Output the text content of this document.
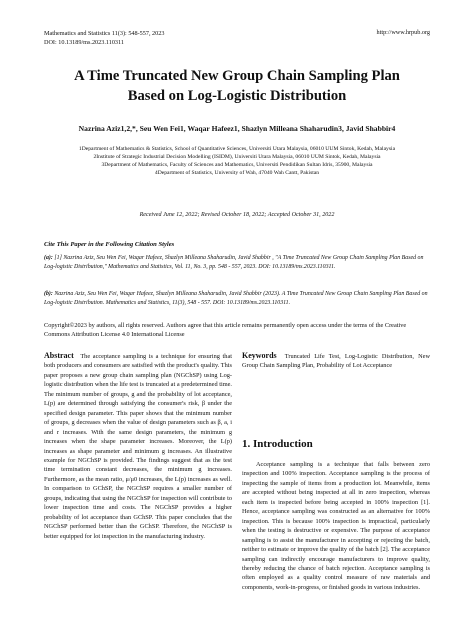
Mathematics and Statistics 11(3): 548-557, 2023
DOI: 10.13189/ms.2023.110311
http://www.hrpub.org
A Time Truncated New Group Chain Sampling Plan
Based on Log-Logistic Distribution
Nazrina Aziz1,2,*, Seu Wen Fei1, Waqar Hafeez1, Shazlyn Milleana Shaharudin3, Javid Shabbir4
1Department of Mathematics & Statistics, School of Quantitative Sciences, Universiti Utara Malaysia, 06010 UUM Sintok, Kedah, Malaysia
2Institute of Strategic Industrial Decision Modelling (ISIDM), Universiti Utara Malaysia, 06010 UUM Sintok, Kedah, Malaysia
3Department of Mathematics, Faculty of Sciences and Mathematics, Universiti Pendidikan Sultan Idris, 35900, Malaysia
4Department of Statistics, University of Wah, 47040 Wah Cantt, Pakistan
Received June 12, 2022; Revised October 18, 2022; Accepted October 31, 2022
Cite This Paper in the Following Citation Styles
(a): [1] Nazrina Aziz, Seu Wen Fei, Waqar Hafeez, Shazlyn Milleana Shaharudin, Javid Shabbir , "A Time Truncated New Group Chain Sampling Plan Based on Log-logistic Distribution," Mathematics and Statistics, Vol. 11, No. 3, pp. 548 - 557, 2023. DOI: 10.13189/ms.2023.110311.
(b): Nazrina Aziz, Seu Wen Fei, Waqar Hafeez, Shazlyn Milleana Shaharudin, Javid Shabbir (2023). A Time Truncated New Group Chain Sampling Plan Based on Log-logistic Distribution. Mathematics and Statistics, 11(3), 548 - 557. DOI: 10.13189/ms.2023.110311.
Copyright©2023 by authors, all rights reserved. Authors agree that this article remains permanently open access under the terms of the Creative Commons Attribution License 4.0 International License
Abstract The acceptance sampling is a technique for ensuring that both producers and consumers are satisfied with the product's quality. This paper proposes a new group chain sampling plan (NGChSP) using Log-logistic distribution when the life test is truncated at a predetermined time. The minimum number of groups, g and the probability of lot acceptance, L(p) are determined through satisfying the consumer's risk, β under the specified design parameter. This paper shows that the minimum number of groups, g decreases when the value of design parameters such as β, a, i and r increases. With the same design parameters, the minimum g increases when the shape parameter increases. Moreover, the L(p) increases as shape parameter and minimum g increases. An illustrative example for NGChSP is provided. The findings suggest that as the test time termination constant decreases, the minimum g increases. Furthermore, as the mean ratio, μ/μ0 increases, the L(p) increases as well. In comparison to GChSP, the NGChSP requires a smaller number of groups, indicating that using the NGChSP for inspection will contribute to lower inspection time and costs. The NGChSP provides a higher probability of lot acceptance than GChSP. This paper concludes that the NGChSP performed better than the GChSP. Therefore, the NGChSP is better equipped for lot inspection in the manufacturing industry.
Keywords Truncated Life Test, Log-Logistic Distribution, New Group Chain Sampling Plan, Probability of Lot Acceptance
1. Introduction
Acceptance sampling is a technique that falls between zero inspection and 100% inspection. Acceptance sampling is the process of inspecting the sample of items from a production lot. Meanwhile, items are accepted without being inspected at all in zero inspection, whereas each item is inspected before being accepted in 100% inspection [1]. Hence, acceptance sampling was constructed as an alternative for 100% inspection. This is because 100% inspection is impractical, particularly when the testing is destructive or expensive. The purpose of acceptance sampling is to assist the manufacturer in accepting or rejecting the batch, neither to estimate or improve the quality of the batch [2]. The acceptance sampling can indirectly encourage manufacturers to improve quality, thereby reducing the chance of batch rejection. Acceptance sampling is often employed as a quality control measure of raw materials and components, work-in-progress, or finished goods in various industries.
